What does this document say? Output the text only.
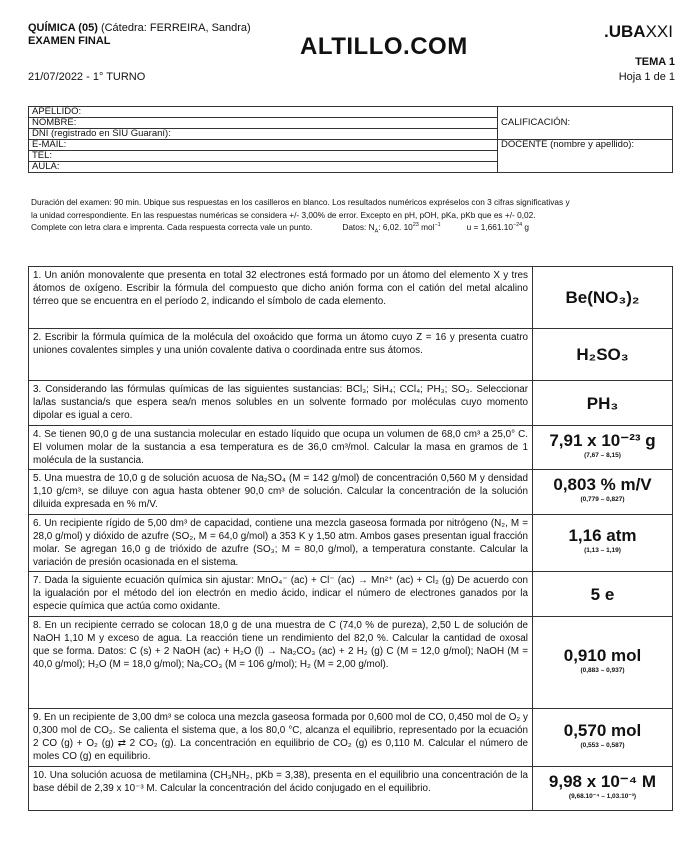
QUÍMICA (05) (Cátedra: FERREIRA, Sandra)
EXAMEN FINAL
21/07/2022 - 1° TURNO
ALTILLO.COM
.UBAXXI
TEMA 1
Hoja 1 de 1
APELLIDO:	CALIFICACIÓN:
NOMBRE:	
DNI (registrado en SIU Guaraní):	
E-MAIL:	DOCENTE (nombre y apellido):
TEL:	
AULA:	
Duración del examen: 90 min. Ubique sus respuestas en los casilleros en blanco. Los resultados numéricos expréselos con 3 cifras significativas y
la unidad correspondiente. En las respuestas numéricas se considera +/- 3,00% de error. Excepto en pH, pOH, pKa, pKb que es +/- 0,02.
Complete con letra clara e imprenta. Cada respuesta correcta vale un punto.	Datos: $N_A$: 6,02. $10^{23}$ mol$^{-1}$	$u = 1,661.10^{-24}$ g
1. Un anión monovalente que presenta en total 32 electrones está formado por un átomo del elemento X y tres átomos de oxígeno. Escribir la fórmula del compuesto que dicho anión forma con el catión del metal alcalino térreo que se encuentra en el período 2, indicando el símbolo de cada elemento.	Be(NO₃)₂

2. Escribir la fórmula química de la molécula del oxoácido que forma un átomo cuyo Z = 16 y presenta cuatro uniones covalentes simples y una unión covalente dativa o coordinada entre sus átomos.	H₂SO₃

3. Considerando las fórmulas químicas de las siguientes sustancias: BCl₃; SiH₄; CCl₄; PH₃; SO₃. Seleccionar la/las sustancia/s que espera sea/n menos solubles en un solvente formado por moléculas cuyo momento dipolar es igual a cero.	PH₃

4. Se tienen 90,0 g de una sustancia molecular en estado líquido que ocupa un volumen de 68,0 cm³ a 25,0° C. El volumen molar de la sustancia a esa temperatura es de 36,0 cm³/mol. Calcular la masa en gramos de 1 molécula de la sustancia.	7,91 x 10⁻²³ g
(7,67 – 8,15)

5. Una muestra de 10,0 g de solución acuosa de Na₂SO₄ (M = 142 g/mol) de concentración 0,560 M y densidad 1,10 g/cm³, se diluye con agua hasta obtener 90,0 cm³ de solución. Calcular la concentración de la solución diluida expresada en % m/V.	0,803 % m/V
(0,779 – 0,827)

6. Un recipiente rígido de 5,00 dm³ de capacidad, contiene una mezcla gaseosa formada por nitrógeno (N₂, M = 28,0 g/mol) y dióxido de azufre (SO₂, M = 64,0 g/mol) a 353 K y 1,50 atm. Ambos gases presentan igual fracción molar. Se agregan 16,0 g de trióxido de azufre (SO₃; M = 80,0 g/mol), a temperatura constante. Calcular la variación de presión ocasionada en el sistema.	1,16 atm
(1,13 – 1,19)

7. Dada la siguiente ecuación química sin ajustar: MnO₄⁻ (ac) + Cl⁻ (ac) → Mn²⁺ (ac) + Cl₂ (g) De acuerdo con la igualación por el método del ion electrón en medio ácido, indicar el número de electrones ganados por la especie química que actúa como oxidante.	5 e

8. En un recipiente cerrado se colocan 18,0 g de una muestra de C (74,0 % de pureza), 2,50 L de solución de NaOH 1,10 M y exceso de agua. La reacción tiene un rendimiento del 82,0 %. Calcular la cantidad de oxosal que se forma. Datos: C (s) + 2 NaOH (ac) + H₂O (l) → Na₂CO₃ (ac) + 2 H₂ (g) C (M = 12,0 g/mol); NaOH (M = 40,0 g/mol); H₂O (M = 18,0 g/mol); Na₂CO₃ (M = 106 g/mol); H₂ (M = 2,00 g/mol).	0,910 mol
(0,883 – 0,937)

9. En un recipiente de 3,00 dm³ se coloca una mezcla gaseosa formada por 0,600 mol de CO, 0,450 mol de O₂ y 0,300 mol de CO₂. Se calienta el sistema que, a los 80,0 °C, alcanza el equilibrio, representado por la ecuación 2 CO (g) + O₂ (g) ⇄ 2 CO₂ (g). La concentración en equilibrio de CO₂ (g) es 0,110 M. Calcular el número de moles CO (g) en equilibrio.	0,570 mol
(0,553 – 0,587)

10. Una solución acuosa de metilamina (CH₃NH₂, pKb = 3,38), presenta en el equilibrio una concentración de la base débil de 2,39 x 10⁻³ M. Calcular la concentración del ácido conjugado en el equilibrio.	9,98 x 10⁻⁴ M
(9,68.10⁻⁴ – 1,03.10⁻³)
